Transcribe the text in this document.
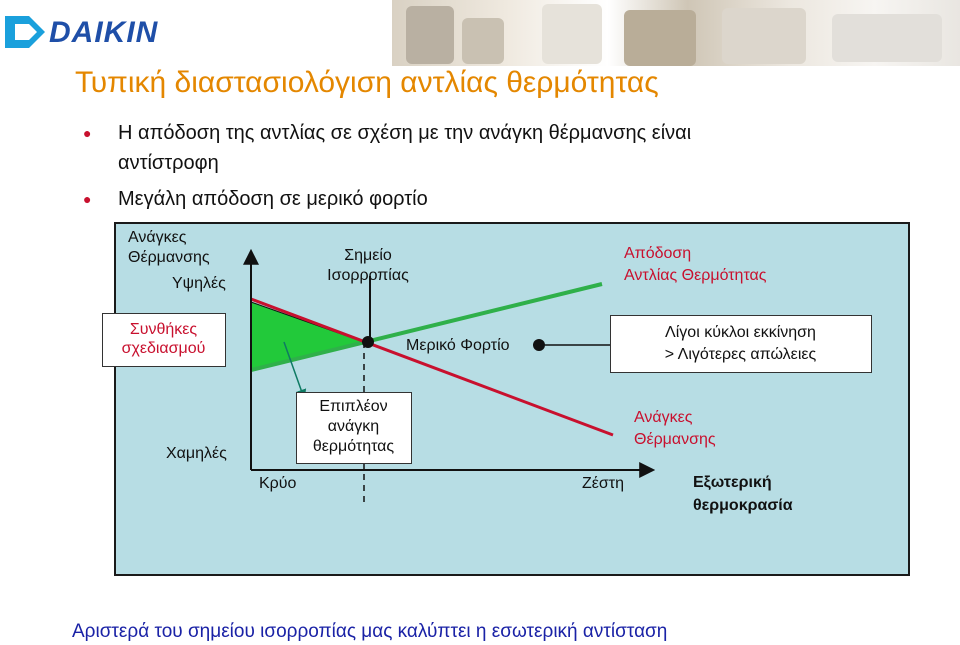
DAIKIN
Τυπική διαστασιολόγιση αντλίας θερμότητας
● Η απόδοση της αντλίας σε σχέση με την ανάγκη θέρμανσης είναι
αντίστροφη
● Μεγάλη απόδοση σε μερικό φορτίο
Ανάγκες
Θέρμανσης
Υψηλές
Χαμηλές
Συνθήκες
σχεδιασμού
Σημείο
Ισορροπίας
Μερικό Φορτίο
Απόδοση
Αντλίας Θερμότητας
Λίγοι κύκλοι εκκίνηση
> Λιγότερες απώλειες
Επιπλέον
ανάγκη
θερμότητας
Ανάγκες
Θέρμανσης
Κρύο	Ζέστη	Εξωτερική
θερμοκρασία
Αριστερά του σημείου ισορροπίας μας καλύπτει η εσωτερική αντίσταση
